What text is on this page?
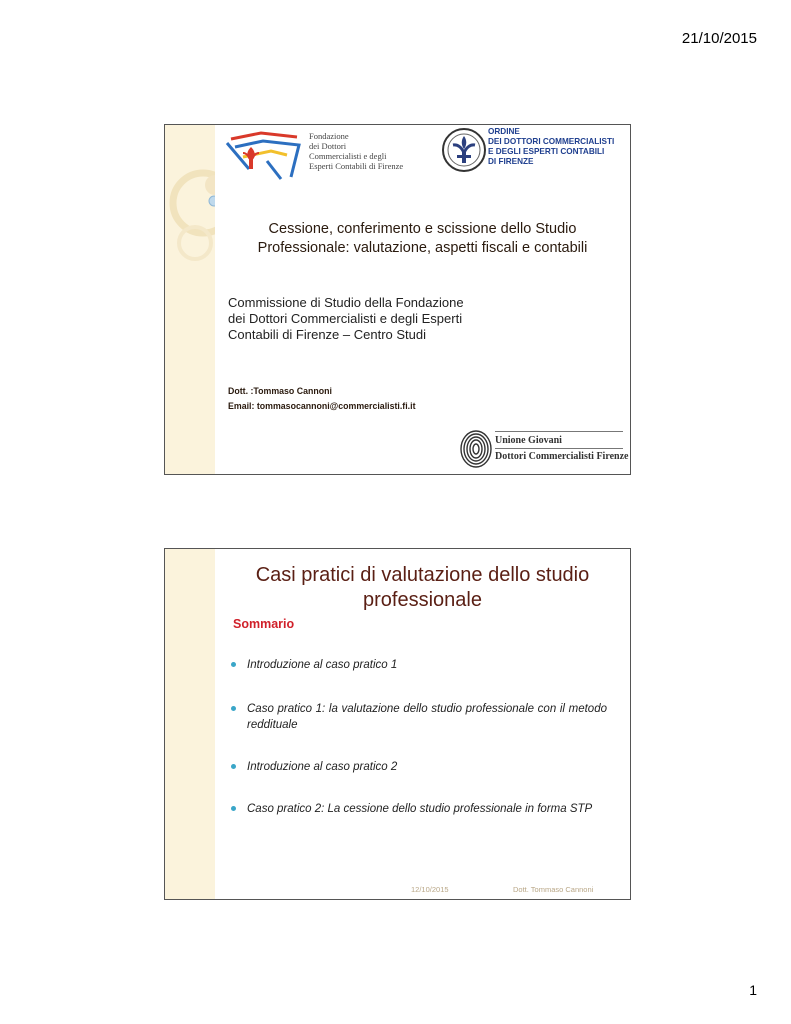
21/10/2015
Fondazione
dei Dottori
Commercialisti e degli
Esperti Contabili di Firenze
ORDINE
DEI DOTTORI COMMERCIALISTI
E DEGLI ESPERTI CONTABILI
DI FIRENZE
Cessione, conferimento e scissione dello Studio
Professionale: valutazione, aspetti fiscali e contabili
Commissione di Studio della Fondazione
dei Dottori Commercialisti e degli Esperti
Contabili di Firenze – Centro Studi
Dott. :Tommaso Cannoni
Email: tommasocannoni@commercialisti.fi.it
Unione Giovani
Dottori Commercialisti Firenze
Casi pratici di valutazione dello studio
professionale
Sommario
Introduzione al caso pratico 1
Caso pratico 1: la valutazione dello studio professionale con il metodo reddituale
Introduzione al caso pratico 2
Caso pratico 2: La cessione dello studio professionale in forma STP
12/10/2015	Dott. Tommaso Cannoni
1
